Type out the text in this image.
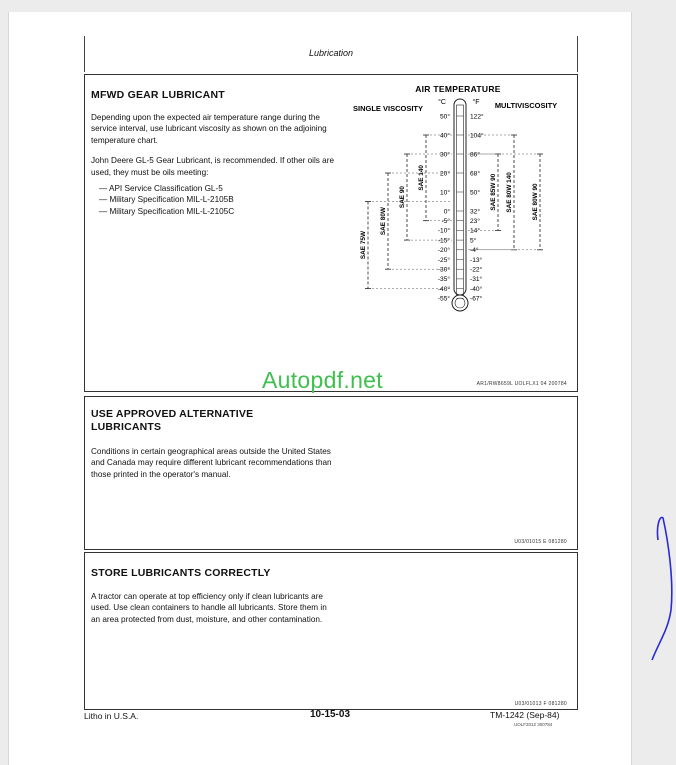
Lubrication
MFWD GEAR LUBRICANT

Depending upon the expected air temperature range during the service interval, use lubricant viscosity as shown on the adjoining temperature chart.

John Deere GL-5 Gear Lubricant, is recommended. If other oils are used, they must be oils meeting:

— API Service Classification GL-5
— Military Specification MIL-L-2105B
— Military Specification MIL-L-2105C
AIR TEMPERATURE
SINGLE VISCOSITY	MULTIVISCOSITY
°C	°F
50°
40°
30°
20°
10°
0°
-5°
-10°
-15°
-20°
-25°
-30°
-35°
-40°
-55°
122°
104°
86°
68°
50°
32°
23°
14°
5°
-4°
-13°
-22°
-31°
-40°
-67°
SAE 140
SAE 90
SAE 80W
SAE 75W
SAE 85W 90 SAE 80W 140	SAE 80W 90
AR1/RW8659L UOLFLX1 04 200784
Autopdf.net
USE APPROVED ALTERNATIVE
LUBRICANTS
Conditions in certain geographical areas outside the United States and Canada may require different lubricant recommendations than those printed in the operator's manual.
U03/01015 E 081280
STORE LUBRICANTS CORRECTLY
A tractor can operate at top efficiency only if clean lubricants are used. Use clean containers to handle all lubricants. Store them in an area protected from dust, moisture, and other contamination.
U03/01013 F 081280
Litho in U.S.A.	10-15-03	TM-1242 (Sep-84)
UOLF2012 300784
